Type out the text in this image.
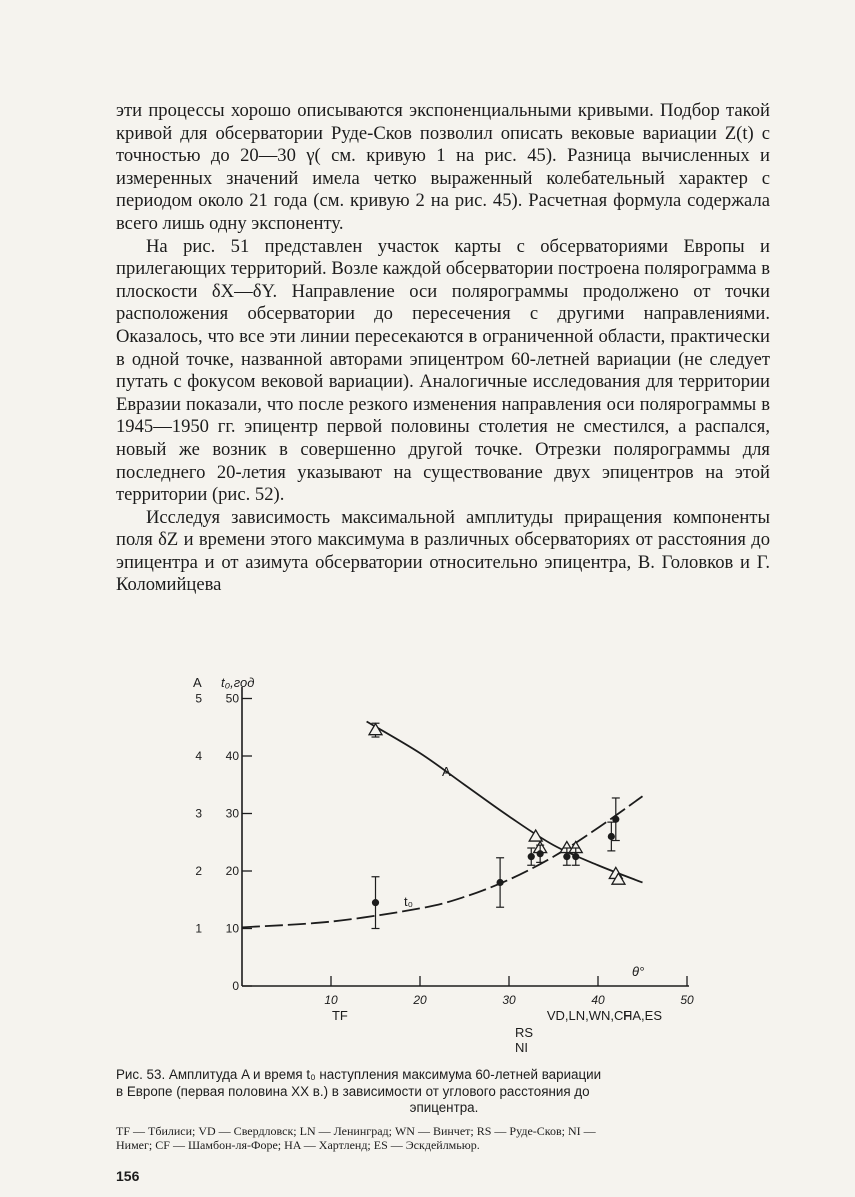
эти процессы хорошо описываются экспоненциальными кривыми. Подбор такой кривой для обсерватории Руде-Сков позволил описать вековые вариации Z(t) с точностью до 20—30 γ( см. кривую 1 на рис. 45). Разница вычисленных и измеренных значений имела четко выраженный колебательный характер с периодом около 21 года (см. кривую 2 на рис. 45). Расчетная формула содержала всего лишь одну экспоненту.

На рис. 51 представлен участок карты с обсерваториями Европы и прилегающих территорий. Возле каждой обсерватории построена полярограмма в плоскости δX—δY. Направление оси полярограммы продолжено от точки расположения обсерватории до пересечения с другими направлениями. Оказалось, что все эти линии пересекаются в ограниченной области, практически в одной точке, названной авторами эпицентром 60-летней вариации (не следует путать с фокусом вековой вариации). Аналогичные исследования для территории Евразии показали, что после резкого изменения направления оси полярограммы в 1945—1950 гг. эпицентр первой половины столетия не сместился, а распался, новый же возник в совершенно другой точке. Отрезки полярограммы для последнего 20-летия указывают на существование двух эпицентров на этой территории (рис. 52).

Исследуя зависимость максимальной амплитуды приращения компоненты поля δZ и времени этого максимума в различных обсерваториях от расстояния до эпицентра и от азимута обсерватории относительно эпицентра, В. Головков и Г. Коломийцева

0
10
20
30
40
50
1
2
3
4
5
10	20	30	40	50
TF	VD,LN,WN,CF
HA,ES
A t₀,год
θ°
A
t₀
RS
NI
Рис. 53. Амплитуда A и время t₀ наступления максимума 60-летней вариации
в Европе (первая половина XX в.) в зависимости от углового расстояния до
эпицентра.
TF — Тбилиси; VD — Свердловск; LN — Ленинград; WN — Винчет; RS — Руде-Сков; NI —
Нимег; CF — Шамбон-ля-Форе; HA — Хартленд; ES — Эскдейлмьюр.
156
